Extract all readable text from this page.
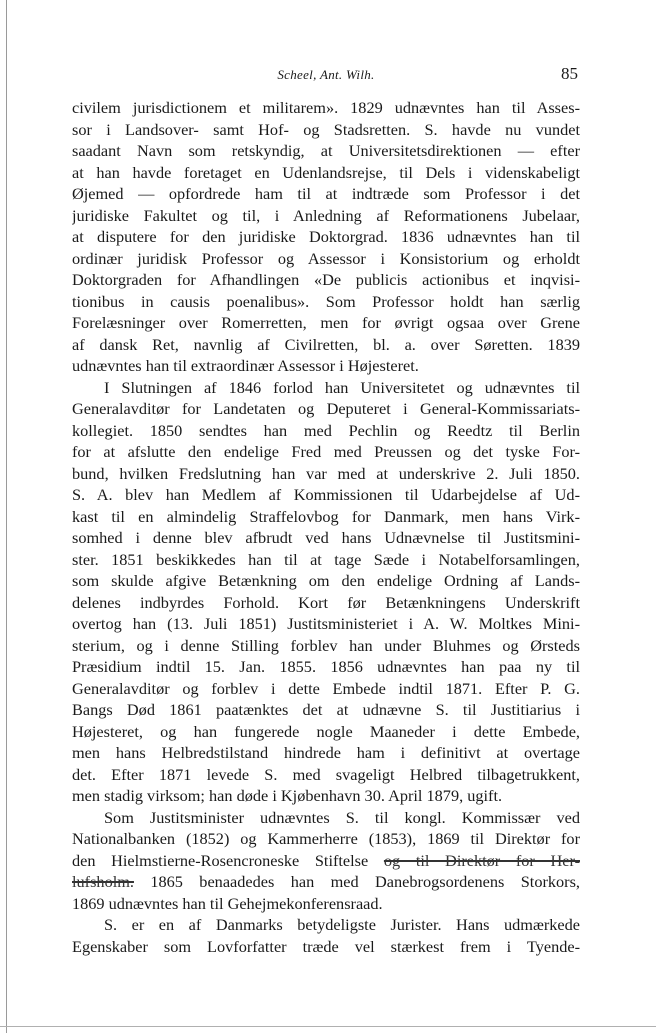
Scheel, Ant. Wilh.	85
civilem jurisdictionem et militarem». 1829 udnævntes han til Asses-
sor i Landsover- samt Hof- og Stadsretten. S. havde nu vundet
saadant Navn som retskyndig, at Universitetsdirektionen — efter
at han havde foretaget en Udenlandsrejse, til Dels i videnskabeligt
Øjemed — opfordrede ham til at indtræde som Professor i det
juridiske Fakultet og til, i Anledning af Reformationens Jubelaar,
at disputere for den juridiske Doktorgrad. 1836 udnævntes han til
ordinær juridisk Professor og Assessor i Konsistorium og erholdt
Doktorgraden for Afhandlingen «De publicis actionibus et inqvisi-
tionibus in causis poenalibus». Som Professor holdt han særlig
Forelæsninger over Romerretten, men for øvrigt ogsaa over Grene
af dansk Ret, navnlig af Civilretten, bl. a. over Søretten. 1839
udnævntes han til extraordinær Assessor i Højesteret.
I Slutningen af 1846 forlod han Universitetet og udnævntes til
Generalavditør for Landetaten og Deputeret i General-Kommissariats-
kollegiet. 1850 sendtes han med Pechlin og Reedtz til Berlin
for at afslutte den endelige Fred med Preussen og det tyske For-
bund, hvilken Fredslutning han var med at underskrive 2. Juli 1850.
S. A. blev han Medlem af Kommissionen til Udarbejdelse af Ud-
kast til en almindelig Straffelovbog for Danmark, men hans Virk-
somhed i denne blev afbrudt ved hans Udnævnelse til Justitsmini-
ster. 1851 beskikkedes han til at tage Sæde i Notabelforsamlingen,
som skulde afgive Betænkning om den endelige Ordning af Lands-
delenes indbyrdes Forhold. Kort før Betænkningens Underskrift
overtog han (13. Juli 1851) Justitsministeriet i A. W. Moltkes Mini-
sterium, og i denne Stilling forblev han under Bluhmes og Ørsteds
Præsidium indtil 15. Jan. 1855. 1856 udnævntes han paa ny til
Generalavditør og forblev i dette Embede indtil 1871. Efter P. G.
Bangs Død 1861 paatænktes det at udnævne S. til Justitiarius i
Højesteret, og han fungerede nogle Maaneder i dette Embede,
men hans Helbredstilstand hindrede ham i definitivt at overtage
det. Efter 1871 levede S. med svageligt Helbred tilbagetrukkent,
men stadig virksom; han døde i Kjøbenhavn 30. April 1879, ugift.
Som Justitsminister udnævntes S. til kongl. Kommissær ved
Nationalbanken (1852) og Kammerherre (1853), 1869 til Direktør for
den Hielmstierne-Rosencroneske Stiftelse og til Direktør for Her-
lufsholm. 1865 benaadedes han med Danebrogsordenens Storkors,
1869 udnævntes han til Gehejmekonferensraad.
S. er en af Danmarks betydeligste Jurister. Hans udmærkede
Egenskaber som Lovforfatter træde vel stærkest frem i Tyende-
